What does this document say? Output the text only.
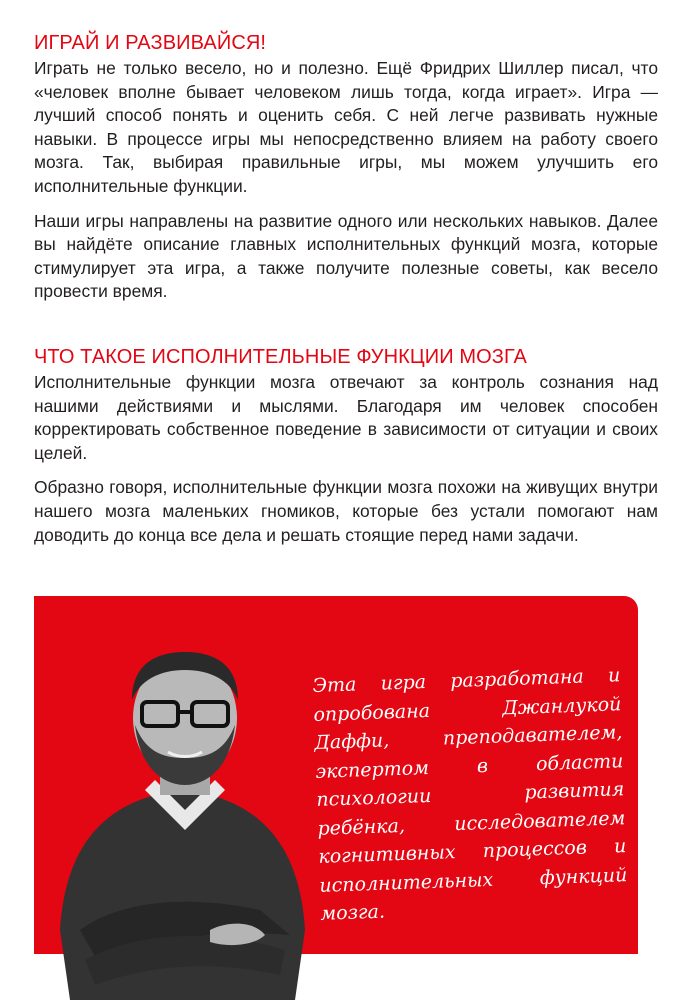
ИГРАЙ И РАЗВИВАЙСЯ!

Играть не только весело, но и полезно. Ещё Фридрих Шиллер писал, что «человек вполне бывает человеком лишь тогда, когда играет». Игра — лучший способ понять и оценить себя. С ней легче развивать нужные навыки. В процессе игры мы непосредственно влияем на работу своего мозга. Так, выбирая правильные игры, мы можем улучшить его исполнительные функции.

Наши игры направлены на развитие одного или нескольких навыков. Далее вы найдёте описание главных исполнительных функций мозга, которые стимулирует эта игра, а также получите полезные советы, как весело провести время.

ЧТО ТАКОЕ ИСПОЛНИТЕЛЬНЫЕ ФУНКЦИИ МОЗГА

Исполнительные функции мозга отвечают за контроль сознания над нашими действиями и мыслями. Благодаря им человек способен корректировать собственное поведение в зависимости от ситуации и своих целей.

Образно говоря, исполнительные функции мозга похожи на живущих внутри нашего мозга маленьких гномиков, которые без устали помогают нам доводить до конца все дела и решать стоящие перед нами задачи.

Эта игра разработана и опробована Джанлукой Даффи, преподавателем, экспертом в области психологии развития ребёнка, исследователем когнитивных процессов и исполнительных функций мозга.
